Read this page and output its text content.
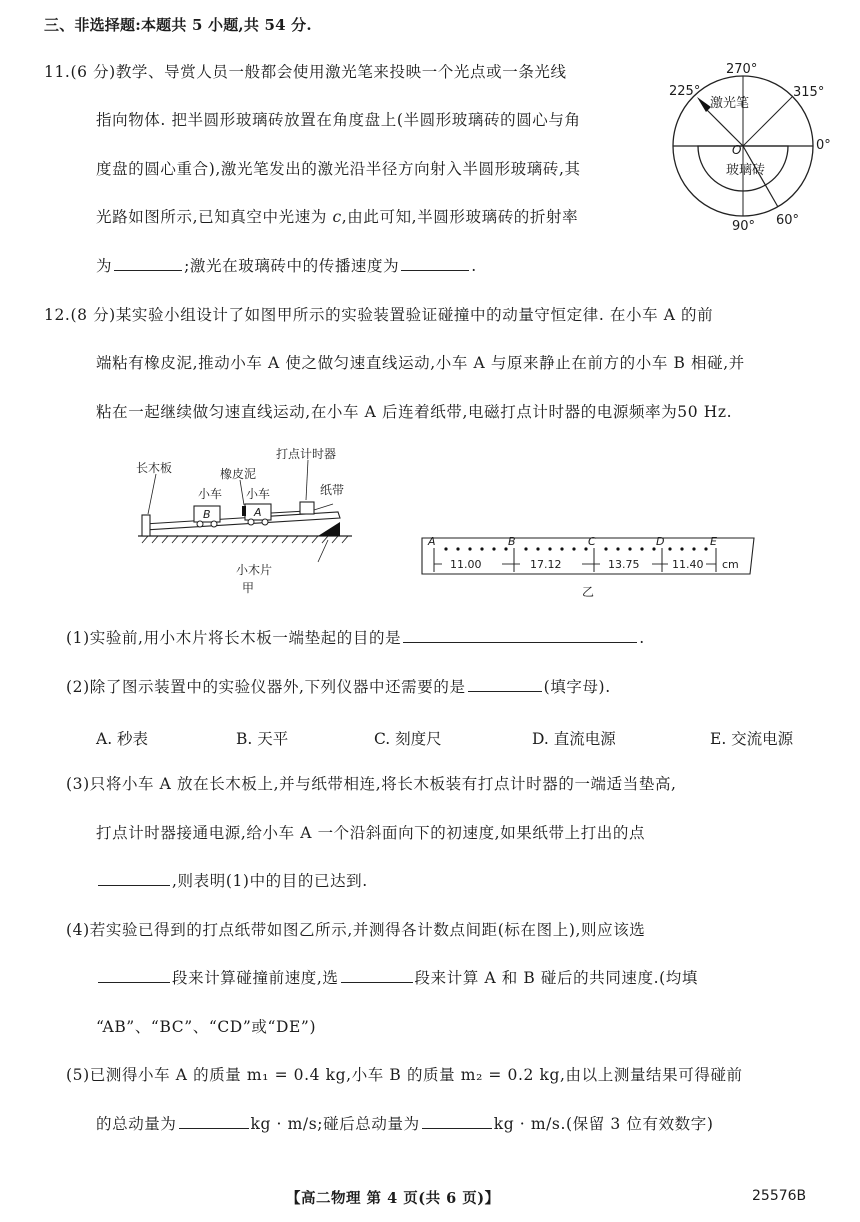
三、非选择题:本题共 5 小题,共 54 分.
11.(6 分)教学、导赏人员一般都会使用激光笔来投映一个光点或一条光线
指向物体. 把半圆形玻璃砖放置在角度盘上(半圆形玻璃砖的圆心与角
度盘的圆心重合),激光笔发出的激光沿半径方向射入半圆形玻璃砖,其
光路如图所示,已知真空中光速为 c,由此可知,半圆形玻璃砖的折射率
为	;激光在玻璃砖中的传播速度为	.
270°
225°	315°
0°
90° 60°
激光笔
O
玻璃砖
12.(8 分)某实验小组设计了如图甲所示的实验装置验证碰撞中的动量守恒定律. 在小车 A 的前
端粘有橡皮泥,推动小车 A 使之做匀速直线运动,小车 A 与原来静止在前方的小车 B 相碰,并
粘在一起继续做匀速直线运动,在小车 A 后连着纸带,电磁打点计时器的电源频率为50 Hz.
B	A
打点计时器
橡皮泥
长木板
小车 小车	纸带
小木片
甲
A	B	C	D	E
11.00	17.12	13.75	11.40 cm
乙
(1)实验前,用小木片将长木板一端垫起的目的是	.
(2)除了图示装置中的实验仪器外,下列仪器中还需要的是	(填字母).
A. 秒表	B. 天平	C. 刻度尺	D. 直流电源	E. 交流电源
(3)只将小车 A 放在长木板上,并与纸带相连,将长木板装有打点计时器的一端适当垫高,
打点计时器接通电源,给小车 A 一个沿斜面向下的初速度,如果纸带上打出的点
,则表明(1)中的目的已达到.
(4)若实验已得到的打点纸带如图乙所示,并测得各计数点间距(标在图上),则应该选
段来计算碰撞前速度,选	段来计算 A 和 B 碰后的共同速度.(均填
“AB”、“BC”、“CD”或“DE”)
(5)已测得小车 A 的质量 m₁ = 0.4 kg,小车 B 的质量 m₂ = 0.2 kg,由以上测量结果可得碰前
的总动量为	kg · m/s;碰后总动量为	kg · m/s.(保留 3 位有效数字)
【高二物理 第 4 页(共 6 页)】	25576B
